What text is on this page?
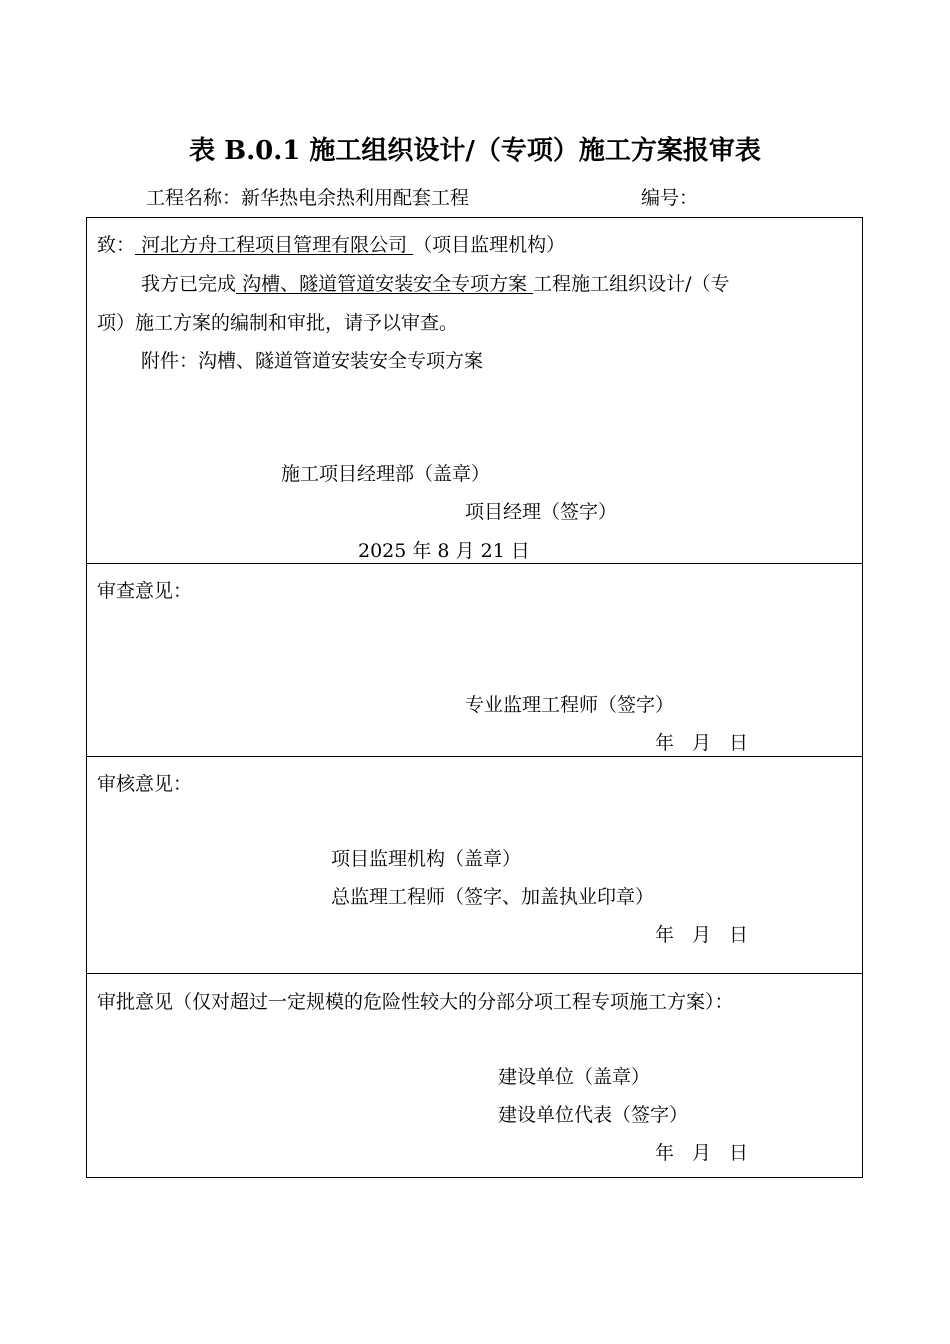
表 B.0.1 施工组织设计/（专项）施工方案报审表
工程名称：新华热电余热利用配套工程	编号：
致： 河北方舟工程项目管理有限公司 （项目监理机构）
我方已完成 沟槽、隧道管道安装安全专项方案 工程施工组织设计/（专
项）施工方案的编制和审批，请予以审查。
附件：沟槽、隧道管道安装安全专项方案
施工项目经理部（盖章）
项目经理（签字）
2025 年 8 月 21 日
审查意见：
专业监理工程师（签字）
年 月 日
审核意见：
项目监理机构（盖章）
总监理工程师（签字、加盖执业印章）
年 月 日
审批意见（仅对超过一定规模的危险性较大的分部分项工程专项施工方案）：
建设单位（盖章）
建设单位代表（签字）
年 月 日
